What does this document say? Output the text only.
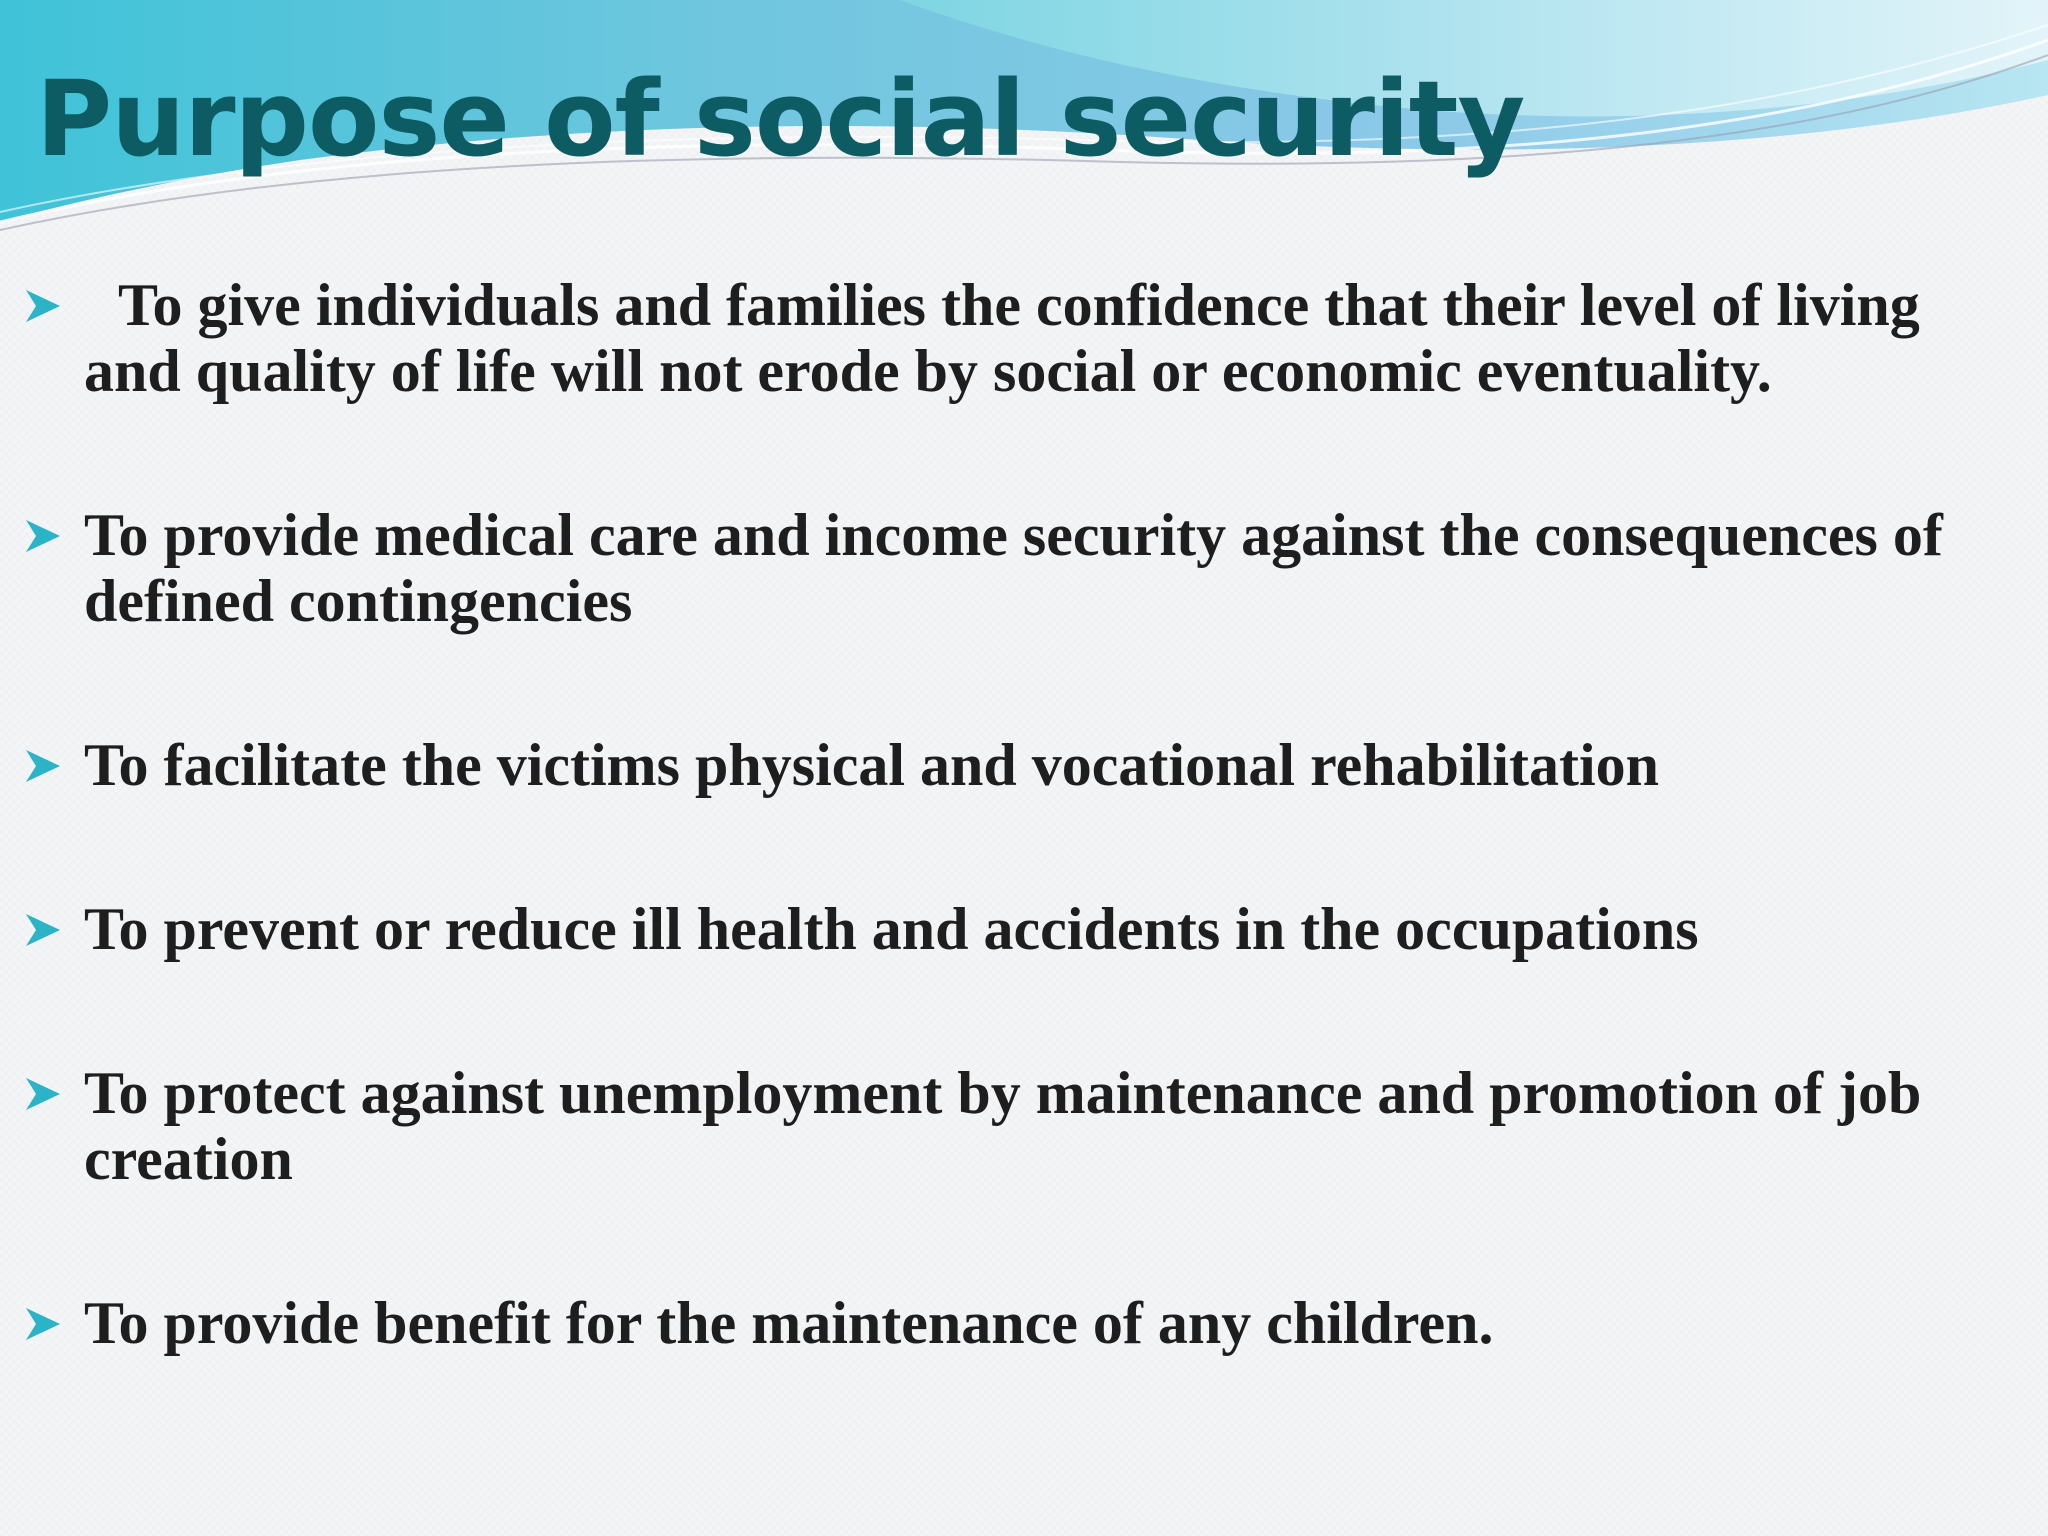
Purpose of social security
To give individuals and families the confidence that their level of living and quality of life will not erode by social or economic eventuality.
To provide medical care and income security against the consequences of defined contingencies
To facilitate the victims physical and vocational rehabilitation
To prevent or reduce ill health and accidents in the occupations
To protect against unemployment by maintenance and promotion of job creation
To provide benefit for the maintenance of any children.
